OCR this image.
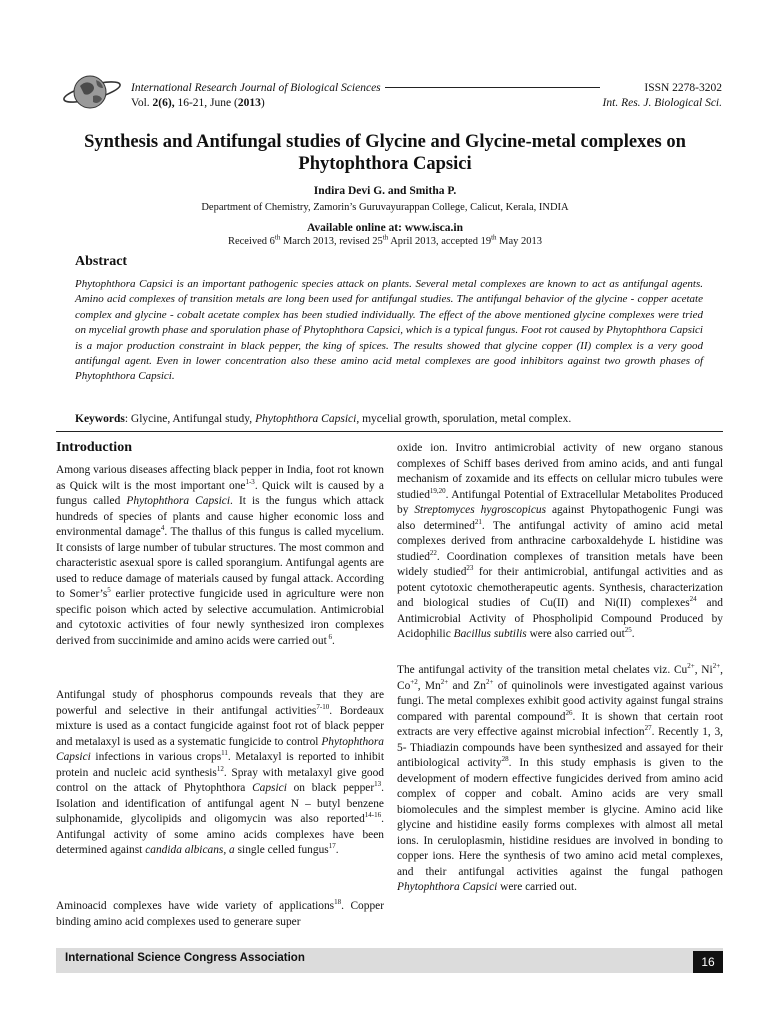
International Research Journal of Biological Sciences
Vol. 2(6), 16-21, June (2013)
ISSN 2278-3202
Int. Res. J. Biological Sci.
Synthesis and Antifungal studies of Glycine and Glycine-metal complexes on Phytophthora Capsici
Indira Devi G. and Smitha P.
Department of Chemistry, Zamorin’s Guruvayurappan College, Calicut, Kerala, INDIA
Available online at: www.isca.in
Received 6th March 2013, revised 25th April 2013, accepted 19th May 2013
Abstract
Phytophthora Capsici is an important pathogenic species attack on plants. Several metal complexes are known to act as antifungal agents. Amino acid complexes of transition metals are long been used for antifungal studies. The antifungal behavior of the glycine - copper acetate complex and glycine - cobalt acetate complex has been studied individually. The effect of the above mentioned glycine complexes were tried on mycelial growth phase and sporulation phase of Phytophthora Capsici, which is a typical fungus. Foot rot caused by Phytophthora Capsici is a major production constraint in black pepper, the king of spices. The results showed that glycine copper (II) complex is a very good antifungal agent. Even in lower concentration also these amino acid metal complexes are good inhibitors against two growth phases of Phytophthora Capsici.
Keywords: Glycine, Antifungal study, Phytophthora Capsici, mycelial growth, sporulation, metal complex.
Introduction
Among various diseases affecting black pepper in India, foot rot known as Quick wilt is the most important one$^{1-3}$. Quick wilt is caused by a fungus called Phytophthora Capsici. It is the fungus which attack hundreds of species of plants and cause higher economic loss and environmental damage$^4$. The thallus of this fungus is called mycelium. It consists of large number of tubular structures. The most common and characteristic asexual spore is called sporangium. Antifungal agents are used to reduce damage of materials caused by fungal attack. According to $Somer’s^5$ earlier protective fungicide used in agriculture were non specific poison which acted by selective accumulation. Antimicrobial and cytotoxic activities of four newly synthesized iron complexes derived from succinimide and amino acids were carried out $^6$.
Antifungal study of phosphorus compounds reveals that they are powerful and selective in their antifungal activities$^{7-10}$. Bordeaux mixture is used as a contact fungicide against foot rot of black pepper and metalaxyl is used as a systematic fungicide to control Phytophthora Capsici infections in various crops$^{11}$. Metalaxyl is reported to inhibit protein and nucleic acid synthesis$^{12}$. Spray with metalaxyl give good control on the attack of Phytophthora Capsici on black pepper$^{13}$. Isolation and identification of antifungal agent N – butyl benzene sulphonamide, glycolipids and oligomycin was also reported$^{14-16}$. Antifungal activity of some amino acids complexes have been determined against candida albicans, a single celled fungus$^{17}$.
Aminoacid complexes have wide variety of applications$^{18}$. Copper binding amino acid complexes used to generare super
oxide ion. Invitro antimicrobial activity of new organo stanous complexes of Schiff bases derived from amino acids, and anti fungal mechanism of zoxamide and its effects on cellular micro tubules were studied$^{19,20}$. Antifungal Potential of Extracellular Metabolites Produced by Streptomyces hygroscopicus against Phytopathogenic Fungi was also determined$^{21}$. The antifungal activity of amino acid metal complexes derived from anthracine carboxaldehyde L histidine was studied$^{22}$. Coordination complexes of transition metals have been widely studied$^{23}$ for their antimicrobial, antifungal activities and as potent cytotoxic chemotherapeutic agents. Synthesis, characterization and biological studies of Cu(II) and Ni(II) complexes$^{24}$ and Antimicrobial Activity of Phospholipid Compound Produced by Acidophilic Bacillus subtilis were also carried out$^{25}$.
The antifungal activity of the transition metal chelates viz. $Cu^{2+}$, $Ni^{2+}$, $Co^{+2}$, $Mn^{2+}$ and $Zn^{2+}$ of quinolinols were investigated against various fungi. The metal complexes exhibit good activity against fungal strains compared with parental compound$^{26}$. It is shown that certain root extracts are very effective against microbial infection$^{27}$. Recently 1, 3, 5- Thiadiazin compounds have been synthesized and assayed for their antibiological activity$^{28}$. In this study emphasis is given to the development of modern effective fungicides derived from amino acid complex of copper and cobalt. Amino acids are very small biomolecules and the simplest member is glycine. Amino acid like glycine and histidine easily forms complexes with almost all metal ions. In ceruloplasmin, histidine residues are involved in bonding to copper ions. Here the synthesis of two amino acid metal complexes, and their antifungal activities against the fungal pathogen Phytophthora Capsici were carried out.
International Science Congress Association	16
